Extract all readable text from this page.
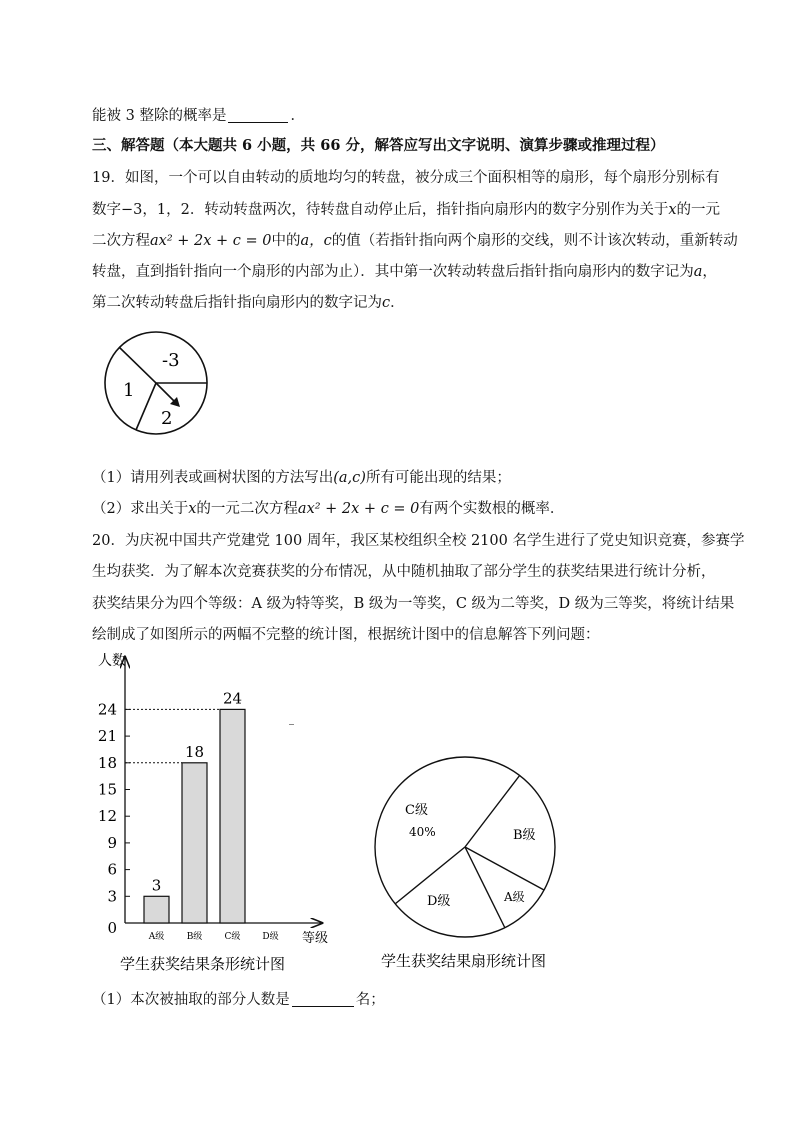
能被 3 整除的概率是	．
三、解答题（本大题共 6 小题，共 66 分，解答应写出文字说明、演算步骤或推理过程）
19．如图，一个可以自由转动的质地均匀的转盘，被分成三个面积相等的扇形，每个扇形分别标有
数字−3，1，2．转动转盘两次，待转盘自动停止后，指针指向扇形内的数字分别作为关于x的一元
二次方程ax² + 2x + c = 0中的a，c的值（若指针指向两个扇形的交线，则不计该次转动，重新转动
转盘，直到指针指向一个扇形的内部为止）．其中第一次转动转盘后指针指向扇形内的数字记为a，
第二次转动转盘后指针指向扇形内的数字记为c．
-3
1
2
（1）请用列表或画树状图的方法写出(a,c)所有可能出现的结果；
（2）求出关于x的一元二次方程ax² + 2x + c = 0有两个实数根的概率．
20．为庆祝中国共产党建党 100 周年，我区某校组织全校 2100 名学生进行了党史知识竞赛，参赛学
生均获奖．为了解本次竞赛获奖的分布情况，从中随机抽取了部分学生的获奖结果进行统计分析，
获奖结果分为四个等级：A 级为特等奖，B 级为一等奖，C 级为二等奖，D 级为三等奖，将统计结果
绘制成了如图所示的两幅不完整的统计图，根据统计图中的信息解答下列问题：
人数
等级
学生获奖结果条形统计图
0
3
6
9
12
15
18
21
24
A级
3
B级
18
C级
24
D级
C级
40%	B级
A级
D级
学生获奖结果扇形统计图
（1）本次被抽取的部分人数是	名；
